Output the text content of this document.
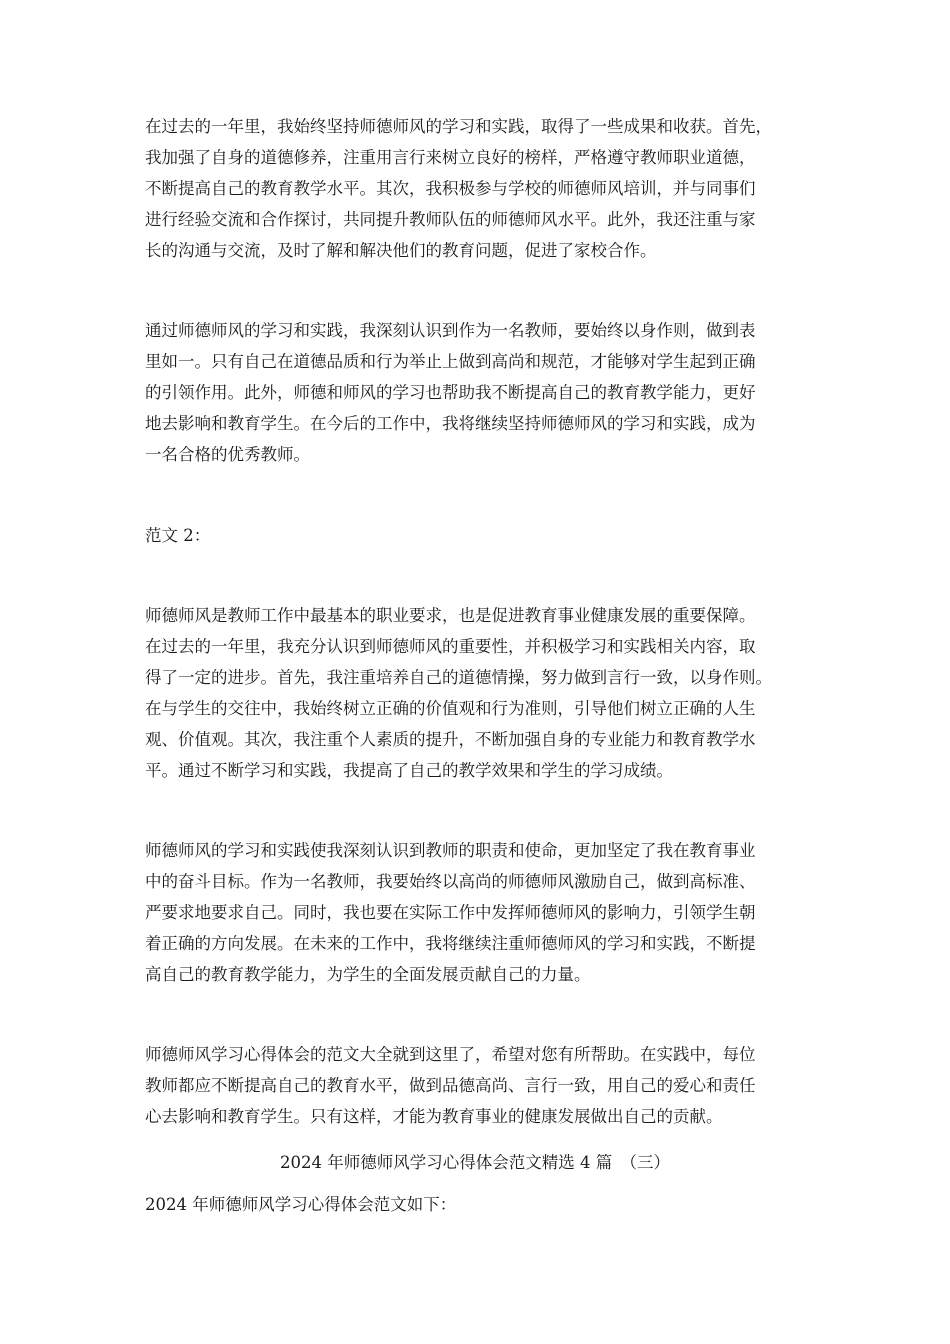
在过去的一年里，我始终坚持师德师风的学习和实践，取得了一些成果和收获。首先，

我加强了自身的道德修养，注重用言行来树立良好的榜样，严格遵守教师职业道德，

不断提高自己的教育教学水平。其次，我积极参与学校的师德师风培训，并与同事们

进行经验交流和合作探讨，共同提升教师队伍的师德师风水平。此外，我还注重与家

长的沟通与交流，及时了解和解决他们的教育问题，促进了家校合作。

通过师德师风的学习和实践，我深刻认识到作为一名教师，要始终以身作则，做到表

里如一。只有自己在道德品质和行为举止上做到高尚和规范，才能够对学生起到正确

的引领作用。此外，师德和师风的学习也帮助我不断提高自己的教育教学能力，更好

地去影响和教育学生。在今后的工作中，我将继续坚持师德师风的学习和实践，成为

一名合格的优秀教师。

范文 2：

师德师风是教师工作中最基本的职业要求，也是促进教育事业健康发展的重要保障。

在过去的一年里，我充分认识到师德师风的重要性，并积极学习和实践相关内容，取

得了一定的进步。首先，我注重培养自己的道德情操，努力做到言行一致，以身作则。

在与学生的交往中，我始终树立正确的价值观和行为准则，引导他们树立正确的人生

观、价值观。其次，我注重个人素质的提升，不断加强自身的专业能力和教育教学水

平。通过不断学习和实践，我提高了自己的教学效果和学生的学习成绩。

师德师风的学习和实践使我深刻认识到教师的职责和使命，更加坚定了我在教育事业

中的奋斗目标。作为一名教师，我要始终以高尚的师德师风激励自己，做到高标准、

严要求地要求自己。同时，我也要在实际工作中发挥师德师风的影响力，引领学生朝

着正确的方向发展。在未来的工作中，我将继续注重师德师风的学习和实践，不断提

高自己的教育教学能力，为学生的全面发展贡献自己的力量。

师德师风学习心得体会的范文大全就到这里了，希望对您有所帮助。在实践中，每位

教师都应不断提高自己的教育水平，做到品德高尚、言行一致，用自己的爱心和责任

心去影响和教育学生。只有这样，才能为教育事业的健康发展做出自己的贡献。

2024 年师德师风学习心得体会范文精选 4 篇　（三）

2024 年师德师风学习心得体会范文如下：
